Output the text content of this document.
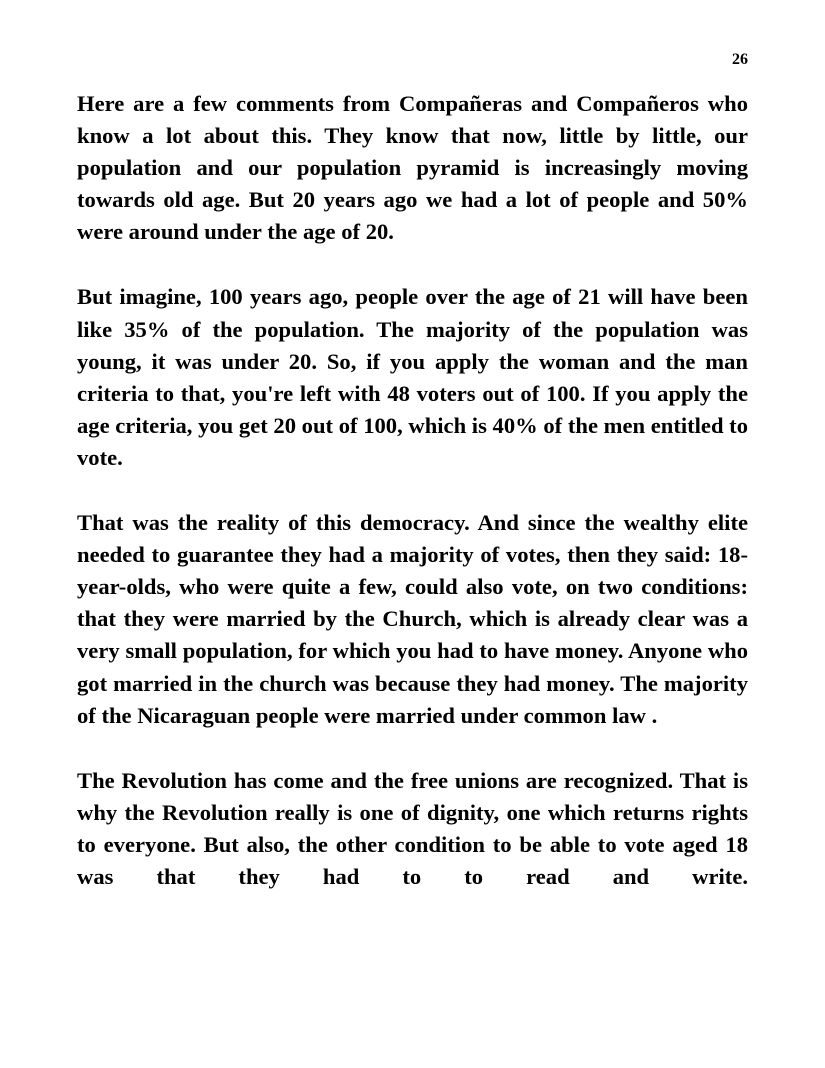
26

Here are a few comments from Compañeras and Compañeros who know a lot about this. They know that now, little by little, our population and our population pyramid is increasingly moving towards old age. But 20 years ago we had a lot of people and 50% were around under the age of 20.

But imagine, 100 years ago, people over the age of 21 will have been like 35% of the population. The majority of the population was young, it was under 20. So, if you apply the woman and the man criteria to that, you're left with 48 voters out of 100. If you apply the age criteria, you get 20 out of 100, which is 40% of the men entitled to vote.

That was the reality of this democracy. And since the wealthy elite needed to guarantee they had a majority of votes, then they said: 18-year-olds, who were quite a few, could also vote, on two conditions: that they were married by the Church, which is already clear was a very small population, for which you had to have money. Anyone who got married in the church was because they had money. The majority of the Nicaraguan people were married under common law .

The Revolution has come and the free unions are recognized. That is why the Revolution really is one of dignity, one which returns rights to everyone. But also, the other condition to be able to vote aged 18 was that they had to to read and write.
